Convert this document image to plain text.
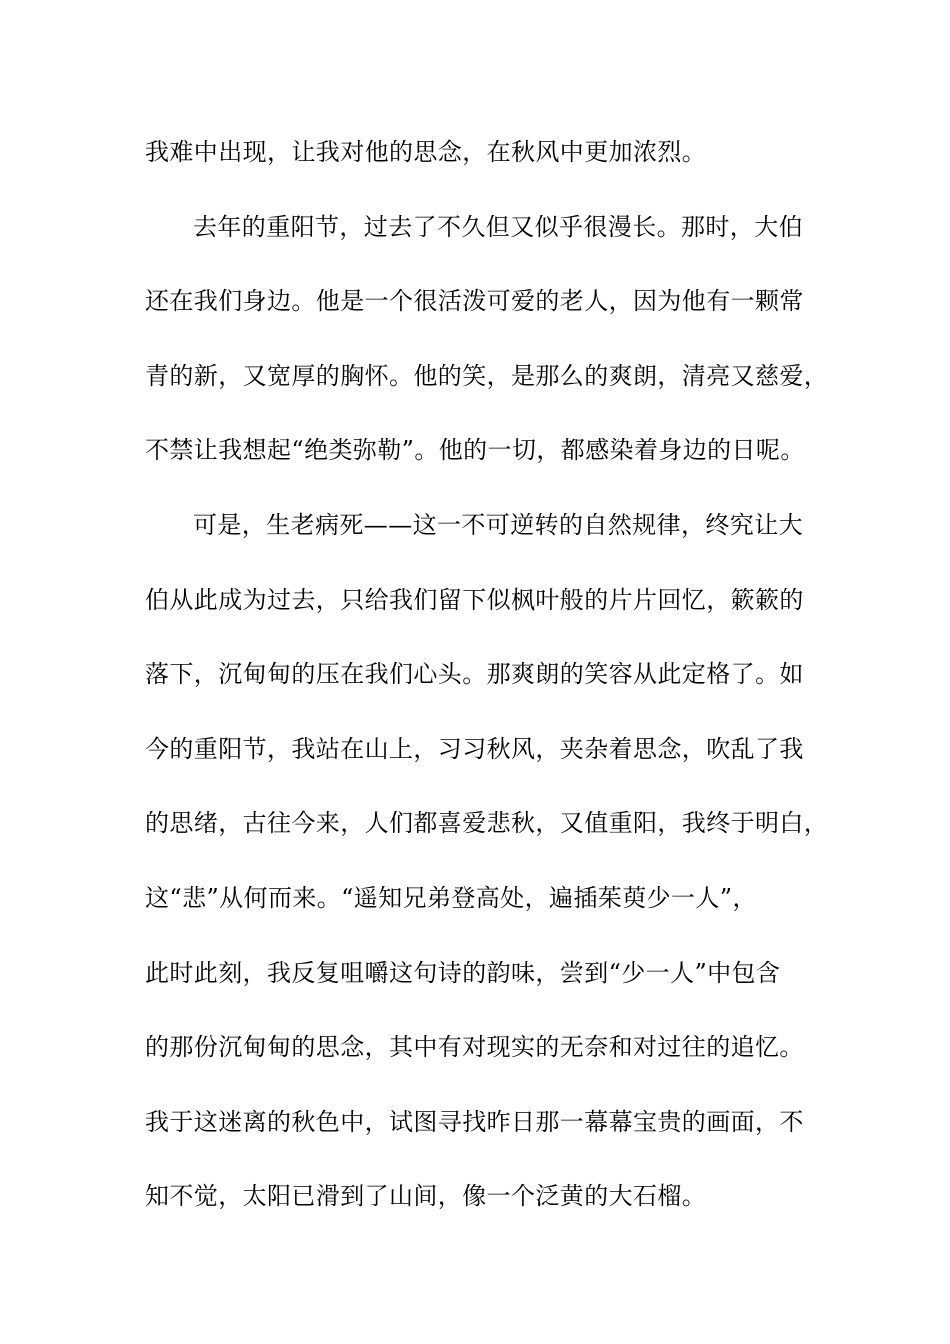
我难中出现，让我对他的思念，在秋风中更加浓烈。
去年的重阳节，过去了不久但又似乎很漫长。那时，大伯
还在我们身边。他是一个很活泼可爱的老人，因为他有一颗常
青的新，又宽厚的胸怀。他的笑，是那么的爽朗，清亮又慈爱，
不禁让我想起“绝类弥勒”。他的一切，都感染着身边的日呢。
可是，生老病死——这一不可逆转的自然规律，终究让大
伯从此成为过去，只给我们留下似枫叶般的片片回忆，簌簌的
落下，沉甸甸的压在我们心头。那爽朗的笑容从此定格了。如
今的重阳节，我站在山上，习习秋风，夹杂着思念，吹乱了我
的思绪，古往今来，人们都喜爱悲秋，又值重阳，我终于明白，
这“悲”从何而来。“遥知兄弟登高处，遍插茱萸少一人”，
此时此刻，我反复咀嚼这句诗的韵味，尝到“少一人”中包含
的那份沉甸甸的思念，其中有对现实的无奈和对过往的追忆。
我于这迷离的秋色中，试图寻找昨日那一幕幕宝贵的画面，不
知不觉，太阳已滑到了山间，像一个泛黄的大石榴。
